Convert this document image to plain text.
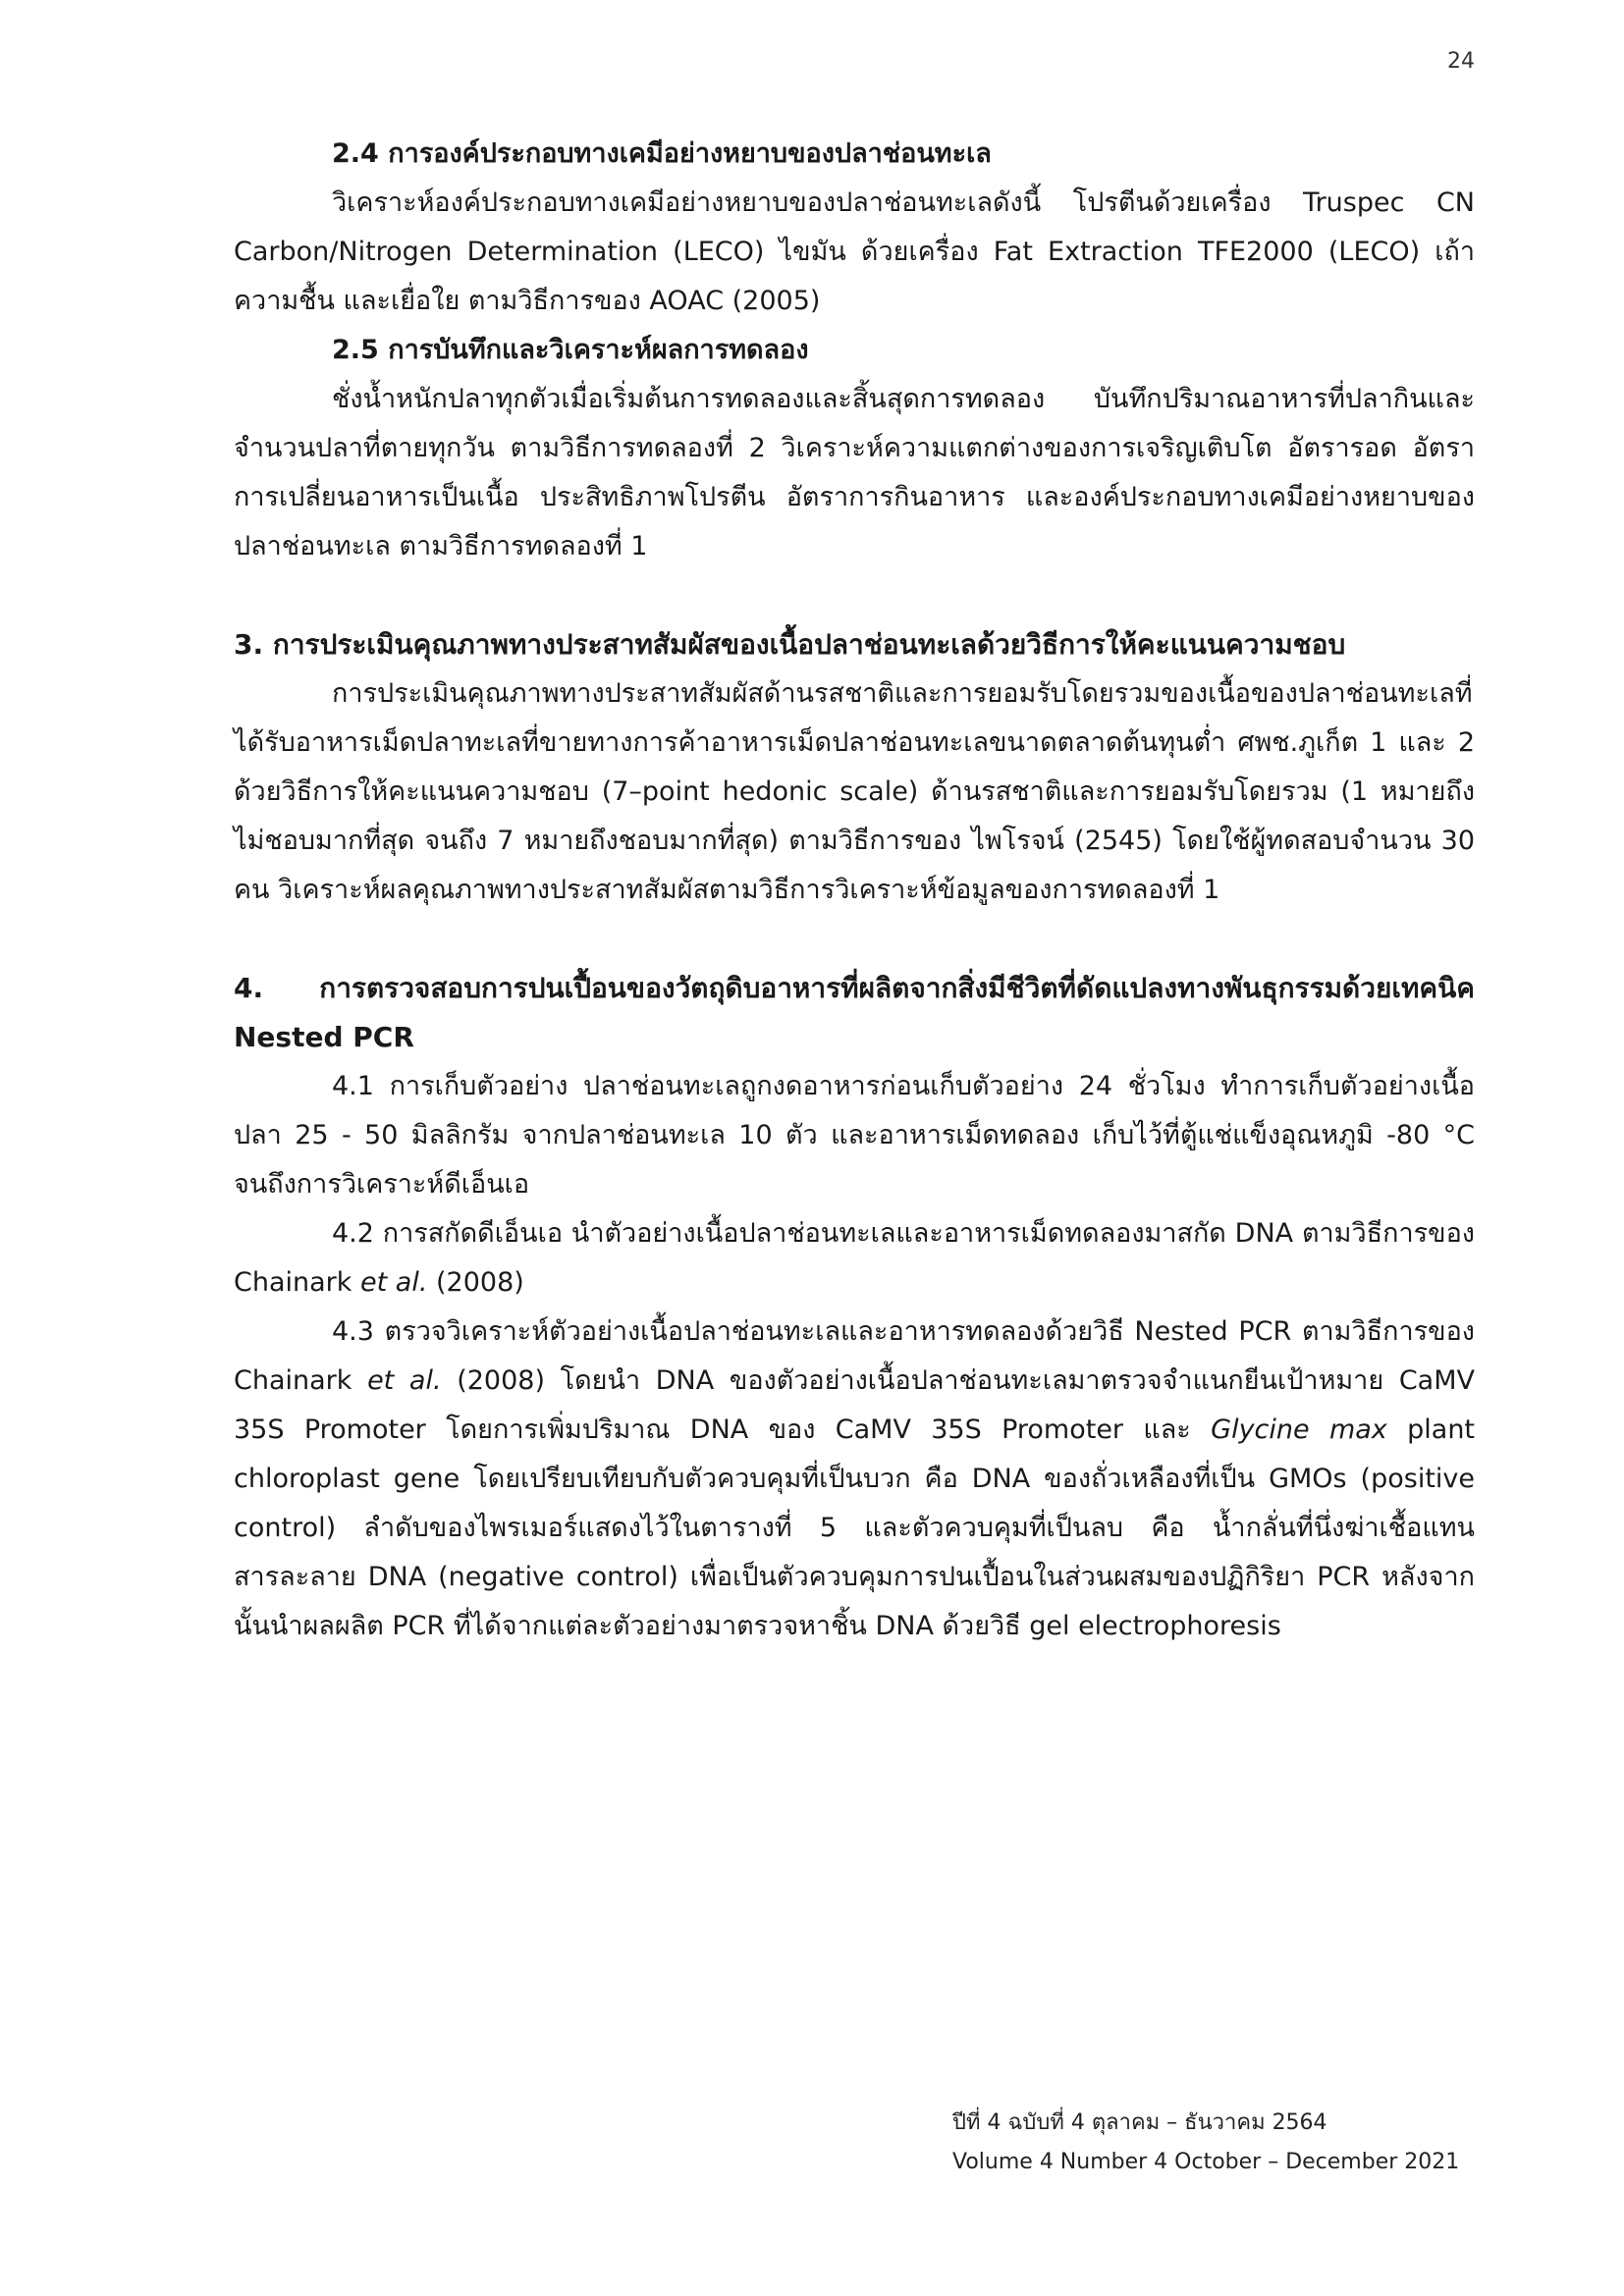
24

2.4 การองค์ประกอบทางเคมีอย่างหยาบของปลาช่อนทะเล

วิเคราะห์องค์ประกอบทางเคมีอย่างหยาบของปลาช่อนทะเลดังนี้ โปรตีนด้วยเครื่อง Truspec CN Carbon/Nitrogen Determination (LECO) ไขมัน ด้วยเครื่อง Fat Extraction TFE2000 (LECO) เถ้าความชื้น และเยื่อใย ตามวิธีการของ AOAC (2005)

2.5 การบันทึกและวิเคราะห์ผลการทดลอง

ชั่งน้ำหนักปลาทุกตัวเมื่อเริ่มต้นการทดลองและสิ้นสุดการทดลอง บันทึกปริมาณอาหารที่ปลากินและจำนวนปลาที่ตายทุกวัน ตามวิธีการทดลองที่ 2 วิเคราะห์ความแตกต่างของการเจริญเติบโต อัตรารอด อัตราการเปลี่ยนอาหารเป็นเนื้อ ประสิทธิภาพโปรตีน อัตราการกินอาหาร และองค์ประกอบทางเคมีอย่างหยาบของปลาช่อนทะเล ตามวิธีการทดลองที่ 1

3. การประเมินคุณภาพทางประสาทสัมผัสของเนื้อปลาช่อนทะเลด้วยวิธีการให้คะแนนความชอบ

การประเมินคุณภาพทางประสาทสัมผัสด้านรสชาติและการยอมรับโดยรวมของเนื้อของปลาช่อนทะเลที่ได้รับอาหารเม็ดปลาทะเลที่ขายทางการค้าอาหารเม็ดปลาช่อนทะเลขนาดตลาดต้นทุนต่ำ ศพช.ภูเก็ต 1 และ 2 ด้วยวิธีการให้คะแนนความชอบ (7–point hedonic scale) ด้านรสชาติและการยอมรับโดยรวม (1 หมายถึง ไม่ชอบมากที่สุด จนถึง 7 หมายถึงชอบมากที่สุด) ตามวิธีการของ ไพโรจน์ (2545) โดยใช้ผู้ทดสอบจำนวน 30 คน วิเคราะห์ผลคุณภาพทางประสาทสัมผัสตามวิธีการวิเคราะห์ข้อมูลของการทดลองที่ 1

4. การตรวจสอบการปนเปื้อนของวัตถุดิบอาหารที่ผลิตจากสิ่งมีชีวิตที่ดัดแปลงทางพันธุกรรมด้วยเทคนิค Nested PCR

4.1 การเก็บตัวอย่าง ปลาช่อนทะเลถูกงดอาหารก่อนเก็บตัวอย่าง 24 ชั่วโมง ทำการเก็บตัวอย่างเนื้อปลา 25 - 50 มิลลิกรัม จากปลาช่อนทะเล 10 ตัว และอาหารเม็ดทดลอง เก็บไว้ที่ตู้แช่แข็งอุณหภูมิ -80 °C จนถึงการวิเคราะห์ดีเอ็นเอ

4.2 การสกัดดีเอ็นเอ นำตัวอย่างเนื้อปลาช่อนทะเลและอาหารเม็ดทดลองมาสกัด DNA ตามวิธีการของ Chainark et al. (2008)

4.3 ตรวจวิเคราะห์ตัวอย่างเนื้อปลาช่อนทะเลและอาหารทดลองด้วยวิธี Nested PCR ตามวิธีการของ Chainark et al. (2008) โดยนำ DNA ของตัวอย่างเนื้อปลาช่อนทะเลมาตรวจจำแนกยีนเป้าหมาย CaMV 35S Promoter โดยการเพิ่มปริมาณ DNA ของ CaMV 35S Promoter และ Glycine max plant chloroplast gene โดยเปรียบเทียบกับตัวควบคุมที่เป็นบวก คือ DNA ของถั่วเหลืองที่เป็น GMOs (positive control) ลำดับของไพรเมอร์แสดงไว้ในตารางที่ 5 และตัวควบคุมที่เป็นลบ คือ น้ำกลั่นที่นึ่งฆ่าเชื้อแทนสารละลาย DNA (negative control) เพื่อเป็นตัวควบคุมการปนเปื้อนในส่วนผสมของปฏิกิริยา PCR หลังจากนั้นนำผลผลิต PCR ที่ได้จากแต่ละตัวอย่างมาตรวจหาชิ้น DNA ด้วยวิธี gel electrophoresis

ปีที่ 4 ฉบับที่ 4 ตุลาคม – ธันวาคม 2564

Volume 4 Number 4 October – December 2021
